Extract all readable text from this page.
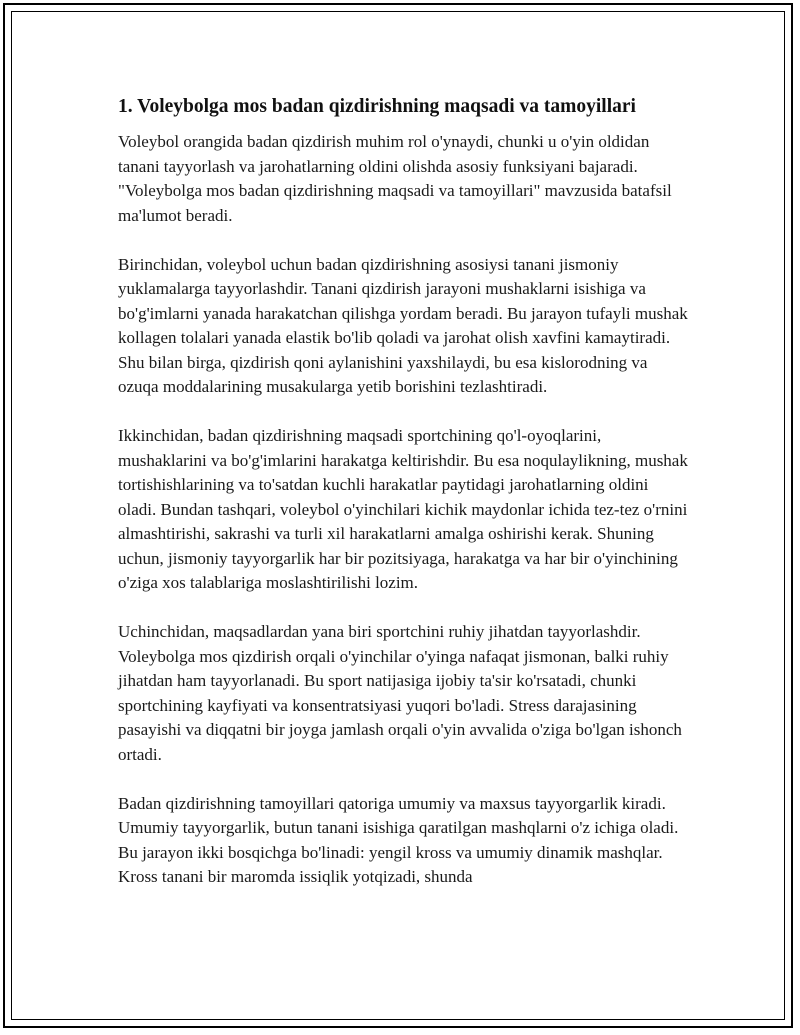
1. Voleybolga mos badan qizdirishning maqsadi va tamoyillari

Voleybol orangida badan qizdirish muhim rol o'ynaydi, chunki u o'yin oldidan tanani tayyorlash va jarohatlarning oldini olishda asosiy funksiyani bajaradi. "Voleybolga mos badan qizdirishning maqsadi va tamoyillari" mavzusida batafsil ma'lumot beradi.

Birinchidan, voleybol uchun badan qizdirishning asosiysi tanani jismoniy yuklamalarga tayyorlashdir. Tanani qizdirish jarayoni mushaklarni isishiga va bo'g'imlarni yanada harakatchan qilishga yordam beradi. Bu jarayon tufayli mushak kollagen tolalari yanada elastik bo'lib qoladi va jarohat olish xavfini kamaytiradi. Shu bilan birga, qizdirish qoni aylanishini yaxshilaydi, bu esa kislorodning va ozuqa moddalarining musakularga yetib borishini tezlashtiradi.

Ikkinchidan, badan qizdirishning maqsadi sportchining qo'l-oyoqlarini, mushaklarini va bo'g'imlarini harakatga keltirishdir. Bu esa noqulaylikning, mushak tortishishlarining va to'satdan kuchli harakatlar paytidagi jarohatlarning oldini oladi. Bundan tashqari, voleybol o'yinchilari kichik maydonlar ichida tez-tez o'rnini almashtirishi, sakrashi va turli xil harakatlarni amalga oshirishi kerak. Shuning uchun, jismoniy tayyorgarlik har bir pozitsiyaga, harakatga va har bir o'yinchining o'ziga xos talablariga moslashtirilishi lozim.

Uchinchidan, maqsadlardan yana biri sportchini ruhiy jihatdan tayyorlashdir. Voleybolga mos qizdirish orqali o'yinchilar o'yinga nafaqat jismonan, balki ruhiy jihatdan ham tayyorlanadi. Bu sport natijasiga ijobiy ta'sir ko'rsatadi, chunki sportchining kayfiyati va konsentratsiyasi yuqori bo'ladi. Stress darajasining pasayishi va diqqatni bir joyga jamlash orqali o'yin avvalida o'ziga bo'lgan ishonch ortadi.

Badan qizdirishning tamoyillari qatoriga umumiy va maxsus tayyorgarlik kiradi. Umumiy tayyorgarlik, butun tanani isishiga qaratilgan mashqlarni o'z ichiga oladi. Bu jarayon ikki bosqichga bo'linadi: yengil kross va umumiy dinamik mashqlar. Kross tanani bir maromda issiqlik yotqizadi, shunda
